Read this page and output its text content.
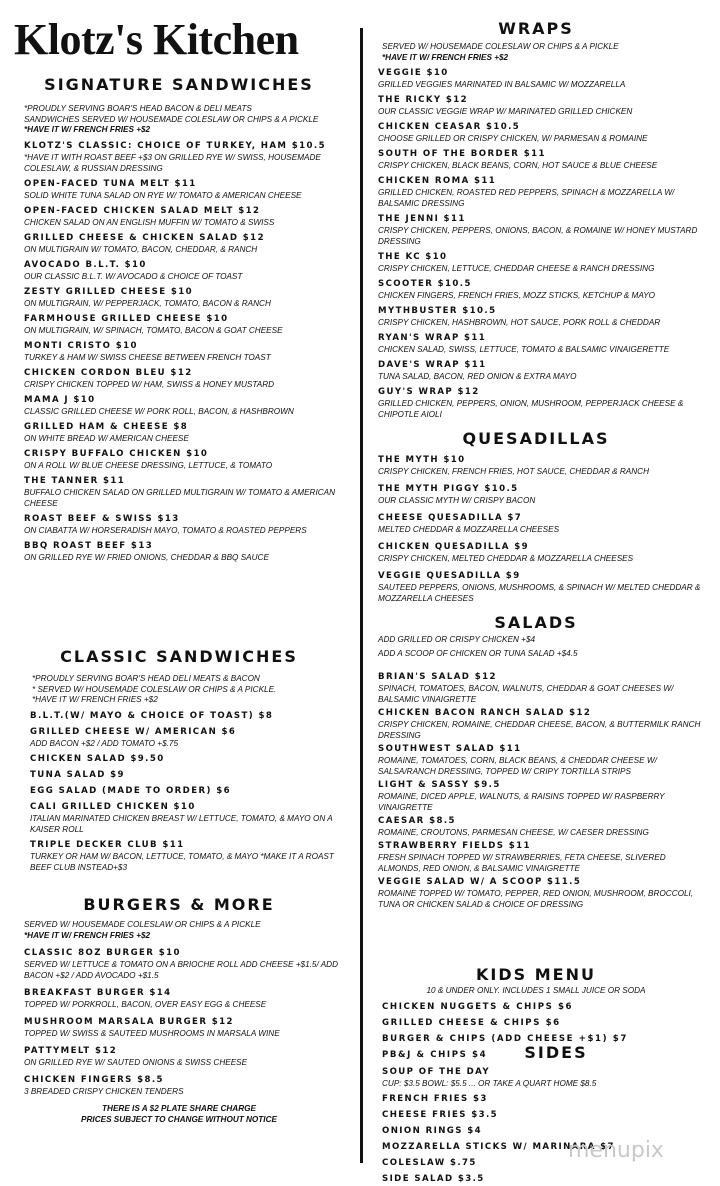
Klotz's Kitchen
SIGNATURE SANDWICHES
*PROUDLY SERVING BOAR'S HEAD BACON & DELI MEATS
SANDWICHES SERVED W/ HOUSEMADE COLESLAW OR CHIPS & A PICKLE
*HAVE IT W/ FRENCH FRIES +$2
KLOTZ'S CLASSIC: CHOICE OF TURKEY, HAM $10.5
*HAVE IT WITH ROAST BEEF +$3 ON GRILLED RYE W/ SWISS, HOUSEMADE COLESLAW, & RUSSIAN DRESSING
OPEN-FACED TUNA MELT $11
SOLID WHITE TUNA SALAD ON RYE W/ TOMATO & AMERICAN CHEESE
OPEN-FACED CHICKEN SALAD MELT $12
CHICKEN SALAD ON AN ENGLISH MUFFIN W/ TOMATO & SWISS
GRILLED CHEESE & CHICKEN SALAD $12
ON MULTIGRAIN W/ TOMATO, BACON, CHEDDAR, & RANCH
AVOCADO B.L.T. $10
OUR CLASSIC B.L.T. W/ AVOCADO & CHOICE OF TOAST
ZESTY GRILLED CHEESE $10
ON MULTIGRAIN, W/ PEPPERJACK, TOMATO, BACON & RANCH
FARMHOUSE GRILLED CHEESE $10
ON MULTIGRAIN, W/ SPINACH, TOMATO, BACON & GOAT CHEESE
MONTI CRISTO $10
TURKEY & HAM W/ SWISS CHEESE BETWEEN FRENCH TOAST
CHICKEN CORDON BLEU $12
CRISPY CHICKEN TOPPED W/ HAM, SWISS & HONEY MUSTARD
MAMA J $10
CLASSIC GRILLED CHEESE W/ PORK ROLL, BACON, & HASHBROWN
GRILLED HAM & CHEESE $8
ON WHITE BREAD W/ AMERICAN CHEESE
CRISPY BUFFALO CHICKEN $10
ON A ROLL W/ BLUE CHEESE DRESSING, LETTUCE, & TOMATO
THE TANNER $11
BUFFALO CHICKEN SALAD ON GRILLED MULTIGRAIN W/ TOMATO & AMERICAN CHEESE
ROAST BEEF & SWISS $13
ON CIABATTA W/ HORSERADISH MAYO, TOMATO & ROASTED PEPPERS
BBQ ROAST BEEF $13
ON GRILLED RYE W/ FRIED ONIONS, CHEDDAR & BBQ SAUCE
CLASSIC SANDWICHES
*PROUDLY SERVING BOAR'S HEAD DELI MEATS & BACON
* SERVED W/ HOUSEMADE COLESLAW OR CHIPS & A PICKLE.
*HAVE IT W/ FRENCH FRIES +$2
B.L.T.(W/ MAYO & CHOICE OF TOAST) $8
GRILLED CHEESE W/ AMERICAN $6
ADD BACON +$2 / ADD TOMATO +$.75
CHICKEN SALAD $9.50
TUNA SALAD $9
EGG SALAD (MADE TO ORDER) $6
CALI GRILLED CHICKEN $10
ITALIAN MARINATED CHICKEN BREAST W/ LETTUCE, TOMATO, & MAYO ON A KAISER ROLL
TRIPLE DECKER CLUB $11
TURKEY OR HAM W/ BACON, LETTUCE, TOMATO, & MAYO *MAKE IT A ROAST BEEF CLUB INSTEAD+$3
BURGERS & MORE
SERVED W/ HOUSEMADE COLESLAW OR CHIPS & A PICKLE
*HAVE IT W/ FRENCH FRIES +$2
CLASSIC 8OZ BURGER $10
SERVED W/ LETTUCE & TOMATO ON A BRIOCHE ROLL ADD CHEESE +$1.5/ ADD BACON +$2 / ADD AVOCADO +$1.5
BREAKFAST BURGER $14
TOPPED W/ PORKROLL, BACON, OVER EASY EGG & CHEESE
MUSHROOM MARSALA BURGER $12
TOPPED W/ SWISS & SAUTEED MUSHROOMS IN MARSALA WINE
PATTYMELT $12
ON GRILLED RYE W/ SAUTED ONIONS & SWISS CHEESE
CHICKEN FINGERS $8.5
3 BREADED CRISPY CHICKEN TENDERS
THERE IS A $2 PLATE SHARE CHARGE
PRICES SUBJECT TO CHANGE WITHOUT NOTICE
WRAPS
SERVED W/ HOUSEMADE COLESLAW OR CHIPS & A PICKLE
*HAVE IT W/ FRENCH FRIES +$2
VEGGIE $10
GRILLED VEGGIES MARINATED IN BALSAMIC W/ MOZZARELLA
THE RICKY $12
OUR CLASSIC VEGGIE WRAP W/ MARINATED GRILLED CHICKEN
CHICKEN CEASAR $10.5
CHOOSE GRILLED OR CRISPY CHICKEN, W/ PARMESAN & ROMAINE
SOUTH OF THE BORDER $11
CRISPY CHICKEN, BLACK BEANS, CORN, HOT SAUCE & BLUE CHEESE
CHICKEN ROMA $11
GRILLED CHICKEN, ROASTED RED PEPPERS, SPINACH & MOZZARELLA W/ BALSAMIC DRESSING
THE JENNI $11
CRISPY CHICKEN, PEPPERS, ONIONS, BACON, & ROMAINE W/ HONEY MUSTARD DRESSING
THE KC $10
CRISPY CHICKEN, LETTUCE, CHEDDAR CHEESE & RANCH DRESSING
SCOOTER $10.5
CHICKEN FINGERS, FRENCH FRIES, MOZZ STICKS, KETCHUP & MAYO
MYTHBUSTER $10.5
CRISPY CHICKEN, HASHBROWN, HOT SAUCE, PORK ROLL & CHEDDAR
RYAN'S WRAP $11
CHICKEN SALAD, SWISS, LETTUCE, TOMATO & BALSAMIC VINAIGERETTE
DAVE'S WRAP $11
TUNA SALAD, BACON, RED ONION & EXTRA MAYO
GUY'S WRAP $12
GRILLED CHICKEN, PEPPERS, ONION, MUSHROOM, PEPPERJACK CHEESE & CHIPOTLE AIOLI
QUESADILLAS
THE MYTH $10
CRISPY CHICKEN, FRENCH FRIES, HOT SAUCE, CHEDDAR & RANCH
THE MYTH PIGGY $10.5
OUR CLASSIC MYTH W/ CRISPY BACON
CHEESE QUESADILLA $7
MELTED CHEDDAR & MOZZARELLA CHEESES
CHICKEN QUESADILLA $9
CRISPY CHICKEN, MELTED CHEDDAR & MOZZARELLA CHEESES
VEGGIE QUESADILLA $9
SAUTEED PEPPERS, ONIONS, MUSHROOMS, & SPINACH W/ MELTED CHEDDAR & MOZZARELLA CHEESES
SALADS
ADD GRILLED OR CRISPY CHICKEN +$4
ADD A SCOOP OF CHICKEN OR TUNA SALAD +$4.5
BRIAN'S SALAD $12
SPINACH, TOMATOES, BACON, WALNUTS, CHEDDAR & GOAT CHEESES W/ BALSAMIC VINAIGRETTE
CHICKEN BACON RANCH SALAD $12
CRISPY CHICKEN, ROMAINE, CHEDDAR CHEESE, BACON, & BUTTERMILK RANCH DRESSING
SOUTHWEST SALAD $11
ROMAINE, TOMATOES, CORN, BLACK BEANS, & CHEDDAR CHEESE W/ SALSA/RANCH DRESSING, TOPPED W/ CRIPY TORTILLA STRIPS
LIGHT & SASSY $9.5
ROMAINE, DICED APPLE, WALNUTS, & RAISINS TOPPED W/ RASPBERRY VINAIGRETTE
CAESAR $8.5
ROMAINE, CROUTONS, PARMESAN CHEESE, W/ CAESER DRESSING
STRAWBERRY FIELDS $11
FRESH SPINACH TOPPED W/ STRAWBERRIES, FETA CHEESE, SLIVERED ALMONDS, RED ONION, & BALSAMIC VINAIGRETTE
VEGGIE SALAD W/ A SCOOP $11.5
ROMAINE TOPPED W/ TOMATO, PEPPER, RED ONION, MUSHROOM, BROCCOLI, TUNA OR CHICKEN SALAD & CHOICE OF DRESSING
KIDS MENU
10 & UNDER ONLY. INCLUDES 1 SMALL JUICE OR SODA
CHICKEN NUGGETS & CHIPS $6
GRILLED CHEESE & CHIPS $6
BURGER & CHIPS (ADD CHEESE +$1) $7
PB&J & CHIPS $4	SIDES
SOUP OF THE DAY
CUP: $3.5 BOWL: $5.5 ... OR TAKE A QUART HOME $8.5
FRENCH FRIES $3
CHEESE FRIES $3.5
ONION RINGS $4
MOZZARELLA STICKS W/ MARINARA $7
COLESLAW $.75
SIDE SALAD $3.5
menupix
